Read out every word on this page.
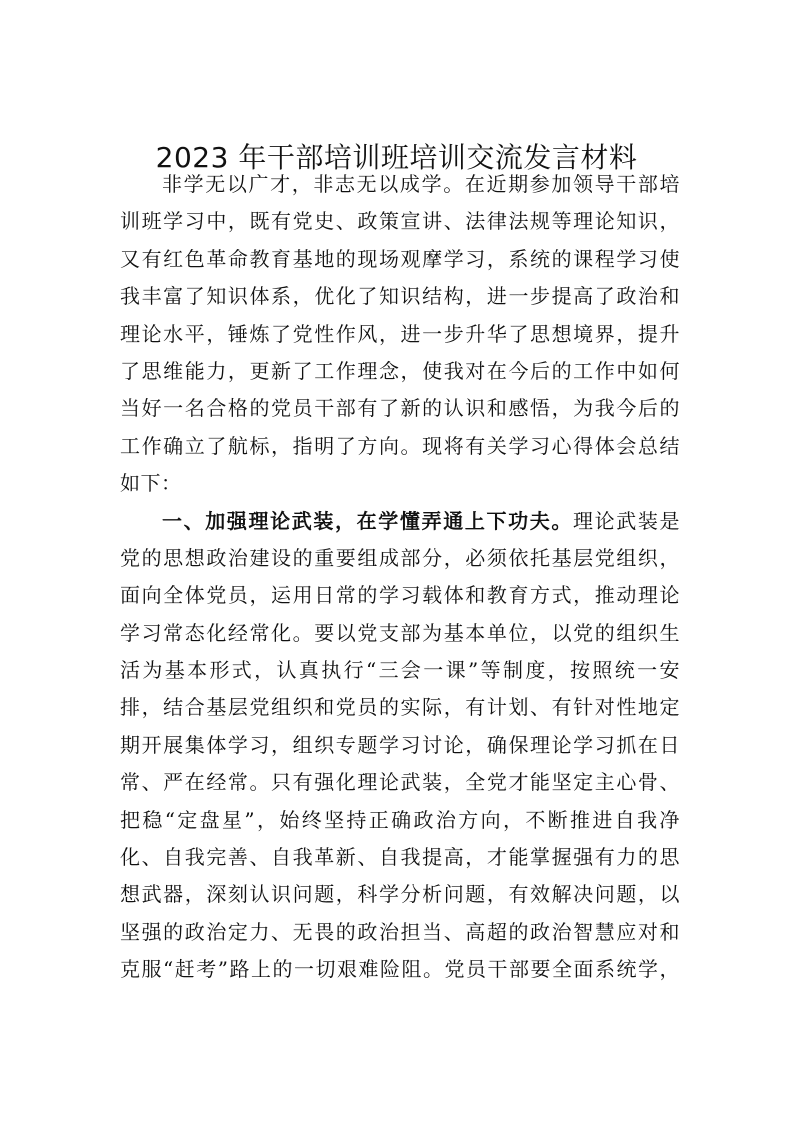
2023 年干部培训班培训交流发言材料
非学无以广才，非志无以成学。在近期参加领导干部培
训班学习中，既有党史、政策宣讲、法律法规等理论知识，
又有红色革命教育基地的现场观摩学习，系统的课程学习使
我丰富了知识体系，优化了知识结构，进一步提高了政治和
理论水平，锤炼了党性作风，进一步升华了思想境界，提升
了思维能力，更新了工作理念，使我对在今后的工作中如何
当好一名合格的党员干部有了新的认识和感悟，为我今后的
工作确立了航标，指明了方向。现将有关学习心得体会总结
如下：
一、加强理论武装，在学懂弄通上下功夫。理论武装是
党的思想政治建设的重要组成部分，必须依托基层党组织，
面向全体党员，运用日常的学习载体和教育方式，推动理论
学习常态化经常化。要以党支部为基本单位，以党的组织生
活为基本形式，认真执行“三会一课”等制度，按照统一安
排，结合基层党组织和党员的实际，有计划、有针对性地定
期开展集体学习，组织专题学习讨论，确保理论学习抓在日
常、严在经常。只有强化理论武装，全党才能坚定主心骨、
把稳“定盘星”，始终坚持正确政治方向，不断推进自我净
化、自我完善、自我革新、自我提高，才能掌握强有力的思
想武器，深刻认识问题，科学分析问题，有效解决问题，以
坚强的政治定力、无畏的政治担当、高超的政治智慧应对和
克服“赶考”路上的一切艰难险阻。党员干部要全面系统学，
